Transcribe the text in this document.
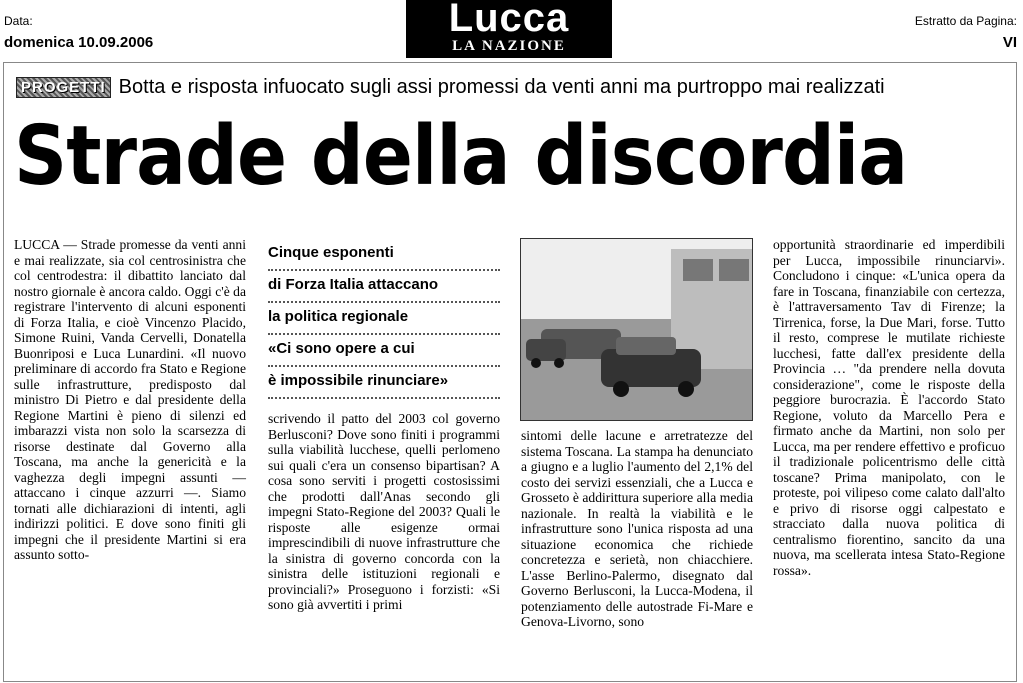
Data:
domenica 10.09.2006
Lucca
LA NAZIONE
Estratto da Pagina:
VI
PROGETTI Botta e risposta infuocato sugli assi promessi da venti anni ma purtroppo mai realizzati
Strade della discordia
LUCCA — Strade promesse da venti anni e mai realizzate, sia col centrosinistra che col centrodestra: il dibattito lanciato dal nostro giornale è ancora caldo. Oggi c'è da registrare l'intervento di alcuni esponenti di Forza Italia, e cioè Vincenzo Placido, Simone Ruini, Vanda Cervelli, Donatella Buonriposi e Luca Lunardini. «Il nuovo preliminare di accordo fra Stato e Regione sulle infrastrutture, predisposto dal ministro Di Pietro e dal presidente della Regione Martini è pieno di silenzi ed imbarazzi vista non solo la scarsezza di risorse destinate dal Governo alla Toscana, ma anche la genericità e la vaghezza degli impegni assunti — attaccano i cinque azzurri —. Siamo tornati alle dichiarazioni di intenti, agli indirizzi politici. E dove sono finiti gli impegni che il presidente Martini si era assunto sotto-
Cinque esponenti
di Forza Italia attaccano
la politica regionale
«Ci sono opere a cui
è impossibile rinunciare»
scrivendo il patto del 2003 col governo Berlusconi? Dove sono finiti i programmi sulla viabilità lucchese, quelli perlomeno sui quali c'era un consenso bipartisan? A cosa sono serviti i progetti costosissimi che prodotti dall'Anas secondo gli impegni Stato-Regione del 2003? Quali le risposte alle esigenze ormai imprescindibili di nuove infrastrutture che la sinistra di governo concorda con la sinistra delle istituzioni regionali e provinciali?» Proseguono i forzisti: «Si sono già avvertiti i primi
sintomi delle lacune e arretratezze del sistema Toscana. La stampa ha denunciato a giugno e a luglio l'aumento del 2,1% del costo dei servizi essenziali, che a Lucca e Grosseto è addirittura superiore alla media nazionale. In realtà la viabilità e le infrastrutture sono l'unica risposta ad una situazione economica che richiede concretezza e serietà, non chiacchiere. L'asse Berlino-Palermo, disegnato dal Governo Berlusconi, la Lucca-Modena, il potenziamento delle autostrade Fi-Mare e Genova-Livorno, sono
opportunità straordinarie ed imperdibili per Lucca, impossibile rinunciarvi». Concludono i cinque: «L'unica opera da fare in Toscana, finanziabile con certezza, è l'attraversamento Tav di Firenze; la Tirrenica, forse, la Due Mari, forse. Tutto il resto, comprese le mutilate richieste lucchesi, fatte dall'ex presidente della Provincia … "da prendere nella dovuta considerazione", come le risposte della peggiore burocrazia. È l'accordo Stato Regione, voluto da Marcello Pera e firmato anche da Martini, non solo per Lucca, ma per rendere effettivo e proficuo il tradizionale policentrismo delle città toscane? Prima manipolato, con le proteste, poi vilipeso come calato dall'alto e privo di risorse oggi calpestato e stracciato dalla nuova politica di centralismo fiorentino, sancito da una nuova, ma scellerata intesa Stato-Regione rossa».
